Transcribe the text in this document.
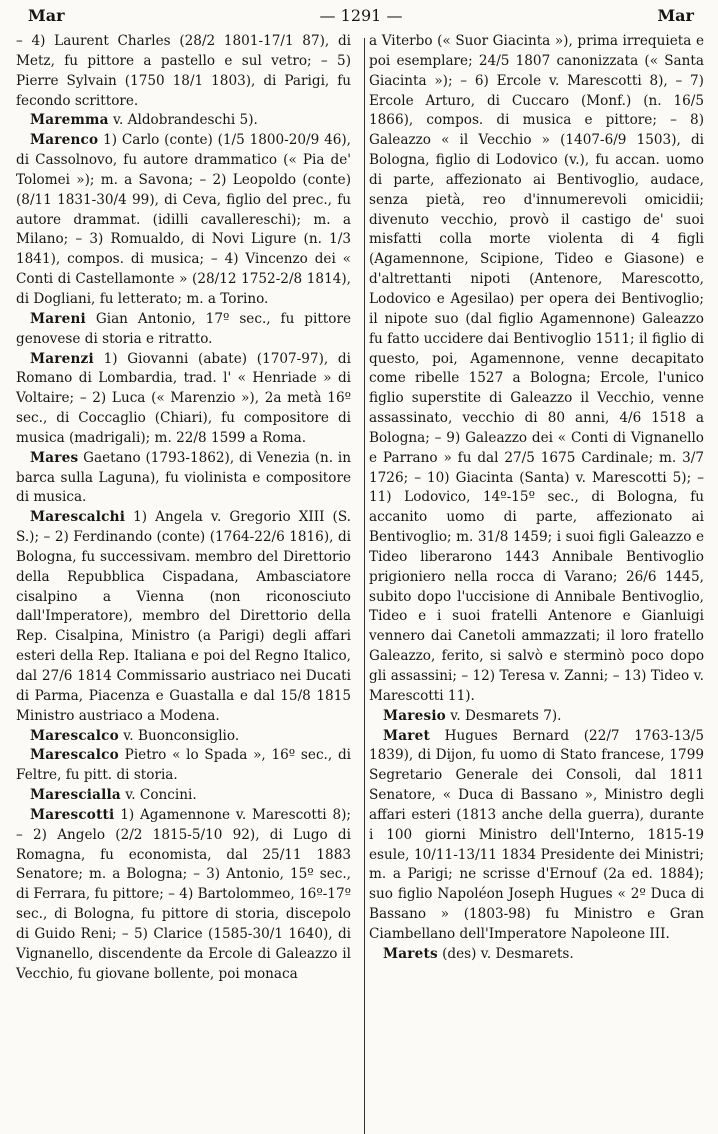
Mar	— 1291 —	Mar

– 4) Laurent Charles (28/2 1801-17/1 87), di Metz, fu pittore a pastello e sul vetro; – 5) Pierre Sylvain (1750 18/1 1803), di Parigi, fu fecondo scrittore.

Maremma v. Aldobrandeschi 5).

Marenco 1) Carlo (conte) (1/5 1800-20/9 46), di Cassolnovo, fu autore drammatico (« Pia de' Tolomei »); m. a Savona; – 2) Leopoldo (conte) (8/11 1831-30/4 99), di Ceva, figlio del prec., fu autore drammat. (idilli cavallereschi); m. a Milano; – 3) Romualdo, di Novi Ligure (n. 1/3 1841), compos. di musica; – 4) Vincenzo dei « Conti di Castellamonte » (28/12 1752-2/8 1814), di Dogliani, fu letterato; m. a Torino.

Mareni Gian Antonio, 17º sec., fu pittore genovese di storia e ritratto.

Marenzi 1) Giovanni (abate) (1707-97), di Romano di Lombardia, trad. l' « Henriade » di Voltaire; – 2) Luca (« Marenzio »), 2a metà 16º sec., di Coccaglio (Chiari), fu compositore di musica (madrigali); m. 22/8 1599 a Roma.

Mares Gaetano (1793-1862), di Venezia (n. in barca sulla Laguna), fu violinista e compositore di musica.

Marescalchi 1) Angela v. Gregorio XIII (S. S.); – 2) Ferdinando (conte) (1764-22/6 1816), di Bologna, fu successivam. membro del Direttorio della Repubblica Cispadana, Ambasciatore cisalpino a Vienna (non riconosciuto dall'Imperatore), membro del Direttorio della Rep. Cisalpina, Ministro (a Parigi) degli affari esteri della Rep. Italiana e poi del Regno Italico, dal 27/6 1814 Commissario austriaco nei Ducati di Parma, Piacenza e Guastalla e dal 15/8 1815 Ministro austriaco a Modena.

Marescalco v. Buonconsiglio.

Marescalco Pietro « lo Spada », 16º sec., di Feltre, fu pitt. di storia.

Marescialla v. Concini.

Marescotti 1) Agamennone v. Marescotti 8); – 2) Angelo (2/2 1815-5/10 92), di Lugo di Romagna, fu economista, dal 25/11 1883 Senatore; m. a Bologna; – 3) Antonio, 15º sec., di Ferrara, fu pittore; – 4) Bartolommeo, 16º-17º sec., di Bologna, fu pittore di storia, discepolo di Guido Reni; – 5) Clarice (1585-30/1 1640), di Vignanello, discendente da Ercole di Galeazzo il Vecchio, fu giovane bollente, poi monaca

a Viterbo (« Suor Giacinta »), prima irrequieta e poi esemplare; 24/5 1807 canonizzata (« Santa Giacinta »); – 6) Ercole v. Marescotti 8), – 7) Ercole Arturo, di Cuccaro (Monf.) (n. 16/5 1866), compos. di musica e pittore; – 8) Galeazzo « il Vecchio » (1407-6/9 1503), di Bologna, figlio di Lodovico (v.), fu accan. uomo di parte, affezionato ai Bentivoglio, audace, senza pietà, reo d'innumerevoli omicidii; divenuto vecchio, provò il castigo de' suoi misfatti colla morte violenta di 4 figli (Agamennone, Scipione, Tideo e Giasone) e d'altrettanti nipoti (Antenore, Marescotto, Lodovico e Agesilao) per opera dei Bentivoglio; il nipote suo (dal figlio Agamennone) Galeazzo fu fatto uccidere dai Bentivoglio 1511; il figlio di questo, poi, Agamennone, venne decapitato come ribelle 1527 a Bologna; Ercole, l'unico figlio superstite di Galeazzo il Vecchio, venne assassinato, vecchio di 80 anni, 4/6 1518 a Bologna; – 9) Galeazzo dei « Conti di Vignanello e Parrano » fu dal 27/5 1675 Cardinale; m. 3/7 1726; – 10) Giacinta (Santa) v. Marescotti 5); – 11) Lodovico, 14º-15º sec., di Bologna, fu accanito uomo di parte, affezionato ai Bentivoglio; m. 31/8 1459; i suoi figli Galeazzo e Tideo liberarono 1443 Annibale Bentivoglio prigioniero nella rocca di Varano; 26/6 1445, subito dopo l'uccisione di Annibale Bentivoglio, Tideo e i suoi fratelli Antenore e Gianluigi vennero dai Canetoli ammazzati; il loro fratello Galeazzo, ferito, si salvò e sterminò poco dopo gli assassini; – 12) Teresa v. Zanni; – 13) Tideo v. Marescotti 11).

Maresio v. Desmarets 7).

Maret Hugues Bernard (22/7 1763-13/5 1839), di Dijon, fu uomo di Stato francese, 1799 Segretario Generale dei Consoli, dal 1811 Senatore, « Duca di Bassano », Ministro degli affari esteri (1813 anche della guerra), durante i 100 giorni Ministro dell'Interno, 1815-19 esule, 10/11-13/11 1834 Presidente dei Ministri; m. a Parigi; ne scrisse d'Ernouf (2a ed. 1884); suo figlio Napoléon Joseph Hugues « 2º Duca di Bassano » (1803-98) fu Ministro e Gran Ciambellano dell'Imperatore Napoleone III.

Marets (des) v. Desmarets.
